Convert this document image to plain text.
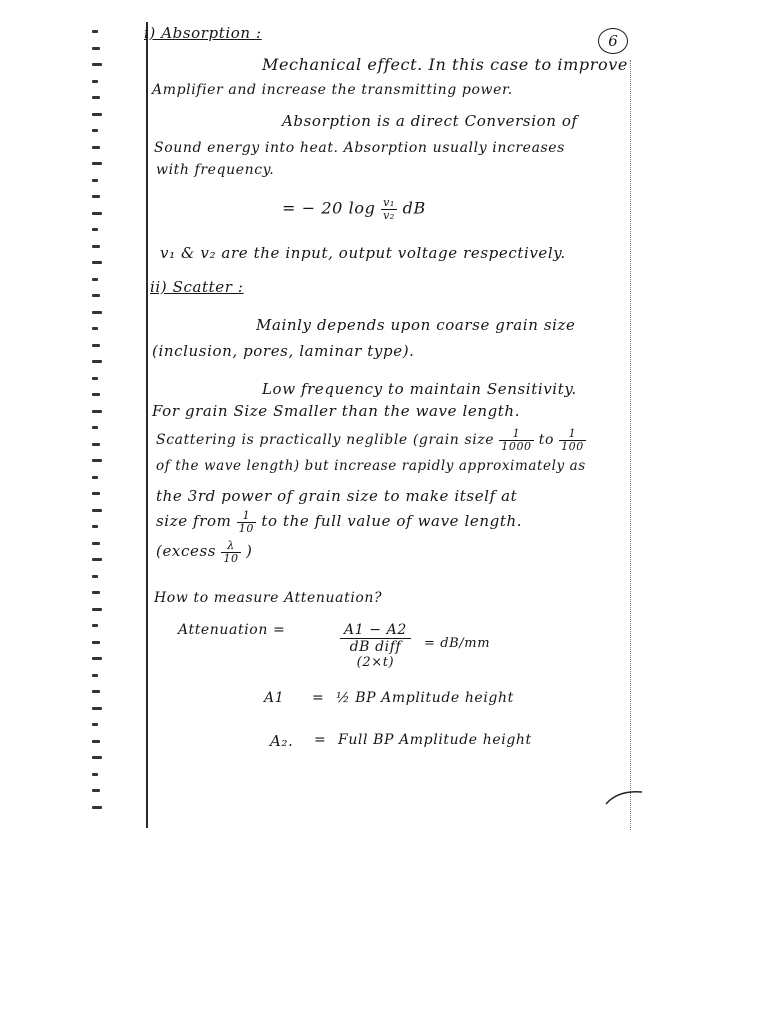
6
i) Absorption :
Mechanical effect. In this case to improve
Amplifier and increase the transmitting power.
Absorption is a direct Conversion of
Sound energy into heat. Absorption usually increases
with frequency.
= − 20 $\log \frac{\text{v₁}}{\text{v₂}}$ dB
v₁ & v₂ are the input, output voltage respectively.
ii) Scatter :
Mainly depends upon coarse grain size
(inclusion, pores, laminar type).
Low frequency to maintain Sensitivity.
For grain Size Smaller than the wave length.
Scattering is practically neglible (grain size $\frac{1}{1000}$ to $\frac{1}{100}$
of the wave length) but increase rapidly approximately as
the 3rd power of grain size to make itself at
size from $\frac{1}{10}$ to the full value of wave length.
(excess $\frac{\lambda}{10}$ )
How to measure Attenuation?
Attenuation =	A1 − A2
dB diff
(2×t)
= dB/mm
A1 = ½ BP Amplitude height
A₂. = Full BP Amplitude height
